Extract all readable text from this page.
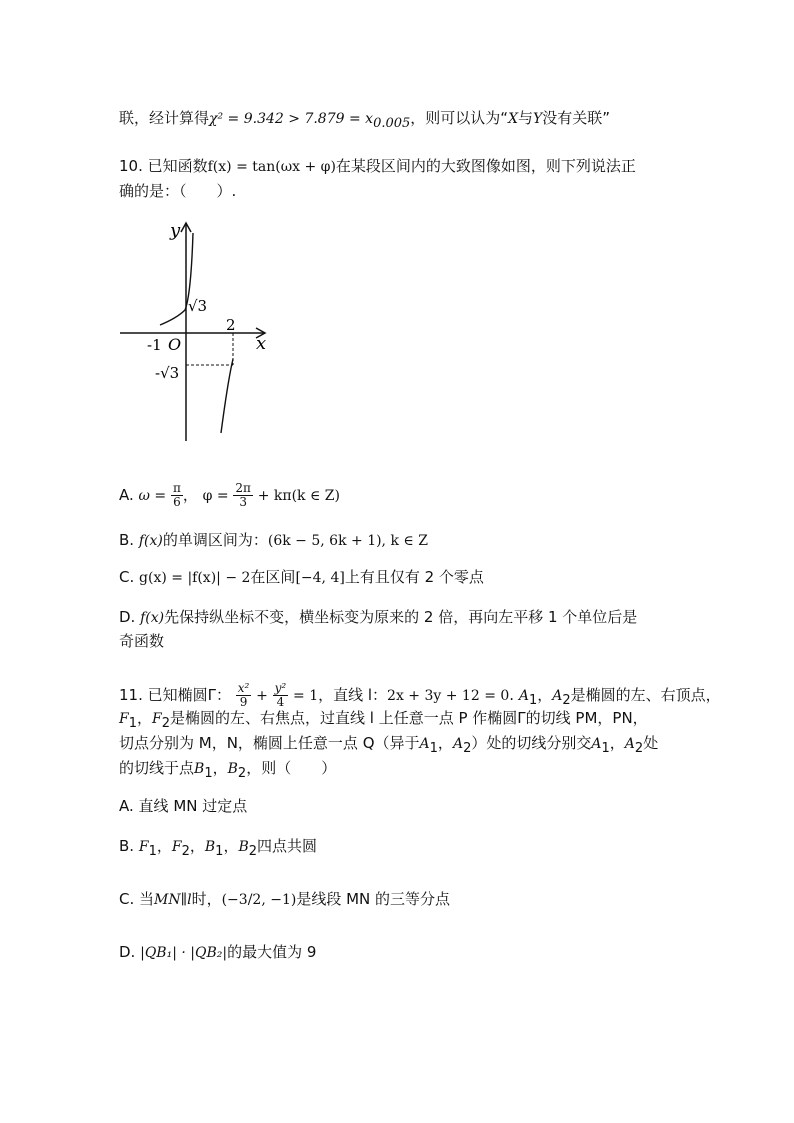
联，经计算得$\chi^2 = 9.342 > 7.879 = x_{0.005}$，则可以认为“X与Y没有关联”
10. 已知函数f(x) = tan(ωx + φ)在某段区间内的大致图像如图，则下列说法正
确的是：（　　）.
y
x
O
-1
2
√3
-√3
A. $\omega = \frac{\pi}{6}$ ， $\varphi = \frac{2\pi}{3} + k\pi(k$ ∈ Z)
B. f(x)的单调区间为：(6k − 5, 6k + 1), k ∈ Z
C. g(x) = |f(x)| − 2在区间[−4, 4]上有且仅有 2 个零点
D. f(x)先保持纵坐标不变，横坐标变为原来的 2 倍，再向左平移 1 个单位后是
奇函数
11. 已知椭圆Γ： $\frac{\text{x²}}{9} + \frac{\text{y²}}{4} = 1$，直线 l：2x + 3y + 12 = 0. $A_1$，$A_2$是椭圆的左、右顶点，
$F_1$，$F_2$是椭圆的左、右焦点，过直线 l 上任意一点 P 作椭圆Γ的切线 PM，PN，
切点分别为 M，N，椭圆上任意一点 Q（异于$A_1$，$A_2$）处的切线分别交$A_1$，$A_2$处
的切线于点$B_1$，$B_2$，则（　　）
A. 直线 MN 过定点
B. $F_1$，$F_2$，$B_1$，$B_2$四点共圆
C. 当MN∥l时，(−3/2, −1)是线段 MN 的三等分点
D. |QB₁| · |QB₂|的最大值为 9
